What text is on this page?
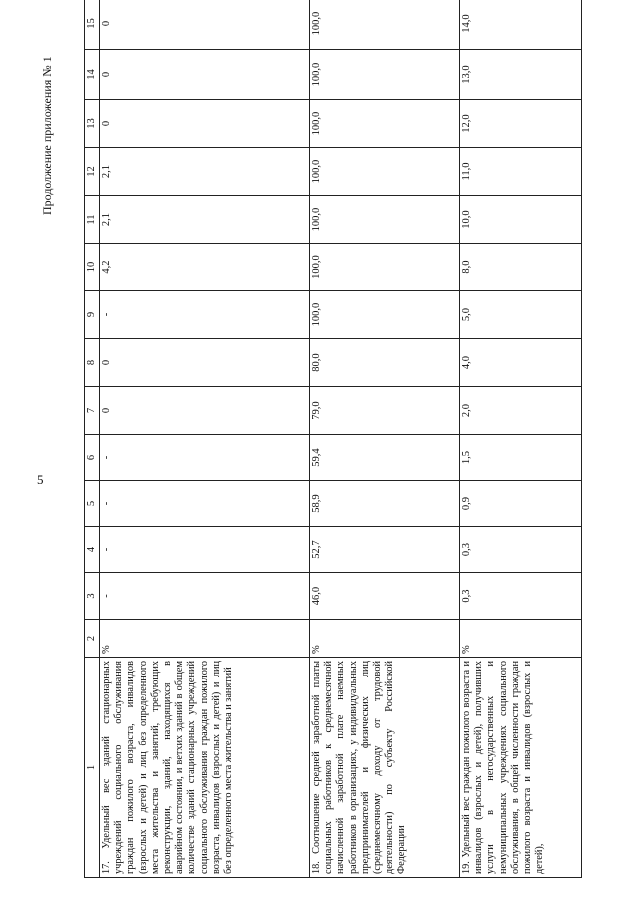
5
Продолжение приложения № 1
1	2	3	4	5	6	7	8	9	10	11	12	13	14	15
17. Удельный вес зданий стационарных учреждений социального обслуживания граждан пожилого возраста, инвалидов (взрослых и детей) и лиц без определенного места жительства и занятий, требующих реконструкции, зданий, находящихся в аварийном состоянии, и ветхих зданий в общем количестве зданий стационарных учреждений социального обслуживания граждан пожилого возраста, инвалидов (взрослых и детей) и лиц без определенного места жительства и занятий	%	-	-	-	-	0	0	-	4,2	2,1	2,1	0	0	0
18. Соотношение средней заработной платы социальных работников к среднемесячной начисленной заработной плате наемных работников в организациях, у индивидуальных предпринимателей и физических лиц (среднемесячному доходу от трудовой деятельности) по субъекту Российской Федерации	%	46,0	52,7	58,9	59,4	79,0	80,0	100,0	100,0	100,0	100,0	100,0	100,0	100,0
19. Удельный вес граждан пожилого возраста и инвалидов (взрослых и детей), получивших услуги в негосударственных и немуниципальных учреждениях социального обслуживания, в общей численности граждан пожилого возраста и инвалидов (взрослых и детей),	%	0,3	0,3	0,9	1,5	2,0	4,0	5,0	8,0	10,0	11,0	12,0	13,0	14,0
